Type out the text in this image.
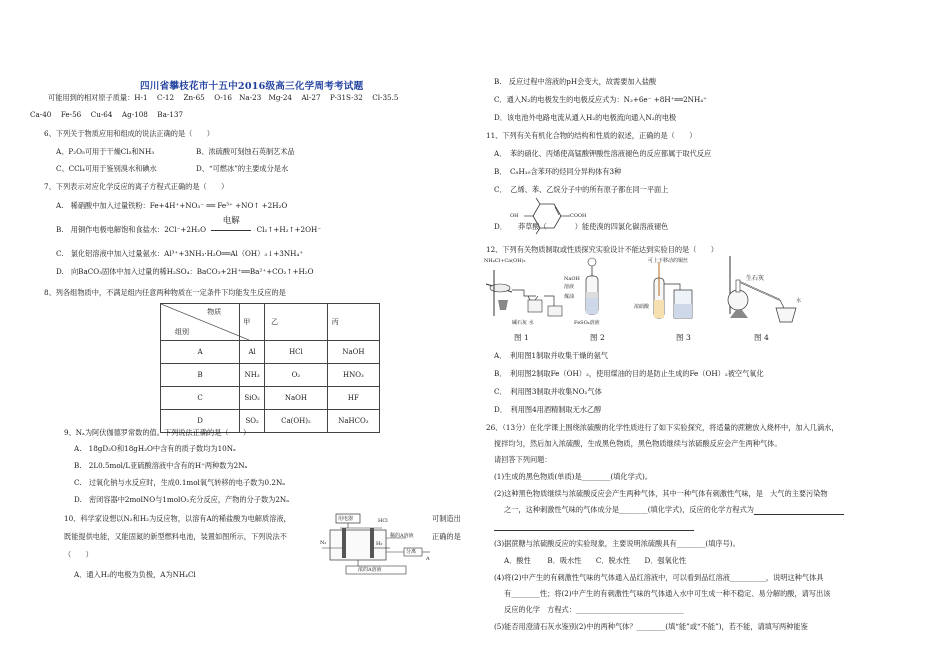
四川省攀枝花市十五中2016级高三化学周考考试题
可能用到的相对原子质量：H-1　 C-12　 Zn-65　 O-16　Na-23　Mg-24　 Al-27　 P-31S-32　 Cl-35.5
Ca-40　 Fe-56　 Cu-64　 Ag-108　 Ba-137
6、下列关于物质应用和组成的说法正确的是（　　）
A、P₂O₅可用于干燥Cl₂和NH₃	B、浓硫酸可刻蚀石英制艺术品
C、CCl₄可用于鉴别溴水和碘水	D、“可燃冰”的主要成分是水
7、下列表示对应化学反应的离子方程式正确的是（　　）
A.　稀硝酸中加入过量铁粉：Fe+4H⁺+NO₃⁻ ══ Fe³⁺ +NO↑ +2H₂O
B.　用铜作电极电解饱和食盐水：2Cl⁻+2H₂O
电解
Cl₂↑+H₂↑+2OH⁻
C.　氯化铝溶液中加入过量氨水：Al³⁺+3NH₃·H₂O══Al（OH）₃↓+3NH₄⁺
D.　向BaCO₃固体中加入过量的稀H₂SO₄：BaCO₃+2H⁺══Ba²⁺+CO₂↑+H₂O
8、列各组物质中，不满足组内任意两种物质在一定条件下均能发生反应的是
物质
组别	甲	乙	丙
A	Al	HCl	NaOH
B	NH₃	O₂	HNO₃
C	SiO₂	NaOH	HF
D	SO₂	Ca(OH)₂	NaHCO₃
9、Nₐ为阿伏伽德罗常数的值。下列说法正确的是（　　）
A.　18gD₂O和18gH₂O中含有的质子数均为10Nₐ
B.　2L0.5mol/L亚硫酸溶液中含有的H⁺两种数为2Nₐ
C.　过氧化钠与水反应时，生成0.1mol氧气转移的电子数为0.2Nₐ
D.　密闭容器中2molNO与1molO₂充分反应，产物的分子数为2Nₐ
10、科学家设想以N₂和H₂为反应物，以溶有A的稀盐酸为电解质溶液，	可制造出
既能提供电能，又能固氮的新型燃料电池，装置如图所示，下列说法不	正确的是
（　　）
A．通入H₂的电极为负极，A为NH₄Cl
用电器	HCl
N₂	H₂
稀的A溶液
分离
A
浓的A溶液
B.　反应过程中溶液的pH会变大，故需要加入盐酸
C．通入N₂的电极发生的电极反应式为：N₂+6e⁻ +8H⁺══2NH₄⁺
D．该电池外电路电流从通入H₂的电极流向通入N₂的电极
11、下列有关有机化合物的结构和性质的叙述，正确的是（　　）
A．　苯的硝化、丙烯使高锰酸钾酸性溶液褪色的反应都属于取代反应
B．　C₈H₁₀含苯环的烃同分异构体有3种
C．　乙烯、苯、乙烷分子中的所有原子都在同一平面上
D．
OH	COOH
莽草酸（	）能使溴的四氯化碳溶液褪色
12、下列有关物质制取或性质探究实验设计不能达到实验目的是（　　）
NH₄Cl+Ca(OH)₂
碱石灰 水
NaOH
溶液
煤油
FeSO₄溶液
可上下移动的铜丝
浓硝酸
生石灰
水
图 1	图 2	图 3	图 4
A．　利用图1制取并收集干燥的氨气
B．　利用图2制取Fe（OH）₂，使用煤油的目的是防止生成的Fe（OH）₂被空气氧化
C．　利用图3制取并收集NO₂气体
D．　利用图4用酒精制取无水乙醇
26、（13分）在化学课上围绕浓硫酸的化学性质进行了如下实验探究，将适量的蔗糖放入烧杯中，加入几滴水，
搅拌均匀，然后加入浓硫酸，生成黑色物质，黑色物质继续与浓硫酸反应会产生两种气体。
请回答下列问题：
(1)生成的黑色物质(单质)是________(填化学式)。
(2)这种黑色物质继续与浓硫酸反应会产生两种气体，其中一种气体有刺激性气味，是　大气的主要污染物
之一，这种刺激性气味的气体成分是________(填化学式)，反应的化学方程式为
(3)据蔗糖与浓硫酸反应的实验现象，主要说明浓硫酸具有________(填序号)。
A．酸性　　 B．吸水性　　C．脱水性　　D．强氧化性
(4)将(2)中产生的有刺激性气味的气体通入品红溶液中，可以看到品红溶液__________，说明这种气体具
有________性；将(2)中产生的有刺激性气味的气体通入水中可生成一种不稳定、易分解的酸，请写出该
反应的化学　方程式：______________________________
(5)能否用澄清石灰水鉴别(2)中的两种气体？________(填“能”或“不能”)，若不能，请填写两种能鉴
